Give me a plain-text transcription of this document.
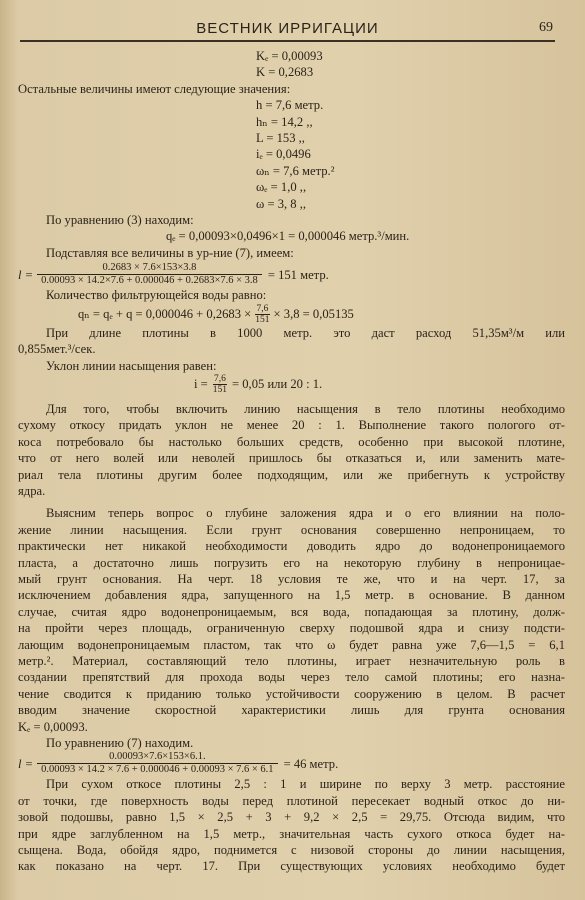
ВЕСТНИК ИРРИГАЦИИ	69
Kₑ = 0,00093
K = 0,2683
Остальные величины имеют следующие значения:
h = 7,6 метр.
hₙ = 14,2 ,,
L = 153 ,,
iₑ = 0,0496
ωₙ = 7,6 метр.²
ωₑ = 1,0 ,,
ω = 3, 8 ,,
По уравнению (3) находим:
qₑ = 0,00093×0,0496×1 = 0,000046 метр.³/мин.
Подставляя все величины в ур-ние (7), имеем:
$l = \frac{0.2683 \times 7.6\times 153\times 3.8}{0.00093 \times 14.2\times 7.6 + 0.000046 + 0.2683\times 7.6 \times 3.8} = 151$ метр.
Количество фильтрующейся воды равно:
$q_n = q_e + q = 0,000046 + 0,2683 \times \frac{7,6}{151} \times 3,8 = 0,05135$
При длине плотины в 1000 метр. это даст расход 51,35м³/м или
0,855мет.³/сек.
Уклон линии насыщения равен:
$i = \frac{7,6}{151} = 0,05$ или 20 : 1.
Для того, чтобы включить линию насыщения в тело плотины необходимо
сухому откосу придать уклон не менее 20 : 1. Выполнение такого пологого от-
коса потребовало бы настолько больших средств, особенно при высокой плотине,
что от него волей или неволей пришлось бы отказаться и, или заменить мате-
риал тела плотины другим более подходящим, или же прибегнуть к устройству
ядра.
Выясним теперь вопрос о глубине заложения ядра и о его влиянии на поло-
жение линии насыщения. Если грунт основания совершенно непроницаем, то
практически нет никакой необходимости доводить ядро до водонепроницаемого
пласта, а достаточно лишь погрузить его на некоторую глубину в непроницае-
мый грунт основания. На черт. 18 условия те же, что и на черт. 17, за
исключением добавления ядра, запущенного на 1,5 метр. в основание. В данном
случае, считая ядро водонепроницаемым, вся вода, попадающая за плотину, долж-
на пройти через площадь, ограниченную сверху подошвой ядра и снизу подсти-
лающим водонепроницаемым пластом, так что ω будет равна уже 7,6—1,5 = 6,1
метр.². Материал, составляющий тело плотины, играет незначительную роль в
создании препятствий для прохода воды через тело самой плотины; его назна-
чение сводится к приданию только устойчивости сооружению в целом. В расчет
вводим значение скоростной характеристики лишь для грунта основания
Kₑ = 0,00093.
По уравнению (7) находим.
$l = \frac{0.00093\times 7.6\times 153\times 6.1.}{0.00093 \times 14.2 \times 7.6 + 0.000046 + 0.00093 \times 7.6 \times 6.1} = 46$ метр.
При сухом откосе плотины 2,5 : 1 и ширине по верху 3 метр. расстояние
от точки, где поверхность воды перед плотиной пересекает водный откос до ни-
зовой подошвы, равно 1,5 × 2,5 + 3 + 9,2 × 2,5 = 29,75. Отсюда видим, что
при ядре заглубленном на 1,5 метр., значительная часть сухого откоса будет на-
сыщена. Вода, обойдя ядро, поднимется с низовой стороны до линии насыщения,
как показано на черт. 17. При существующих условиях необходимо будет
